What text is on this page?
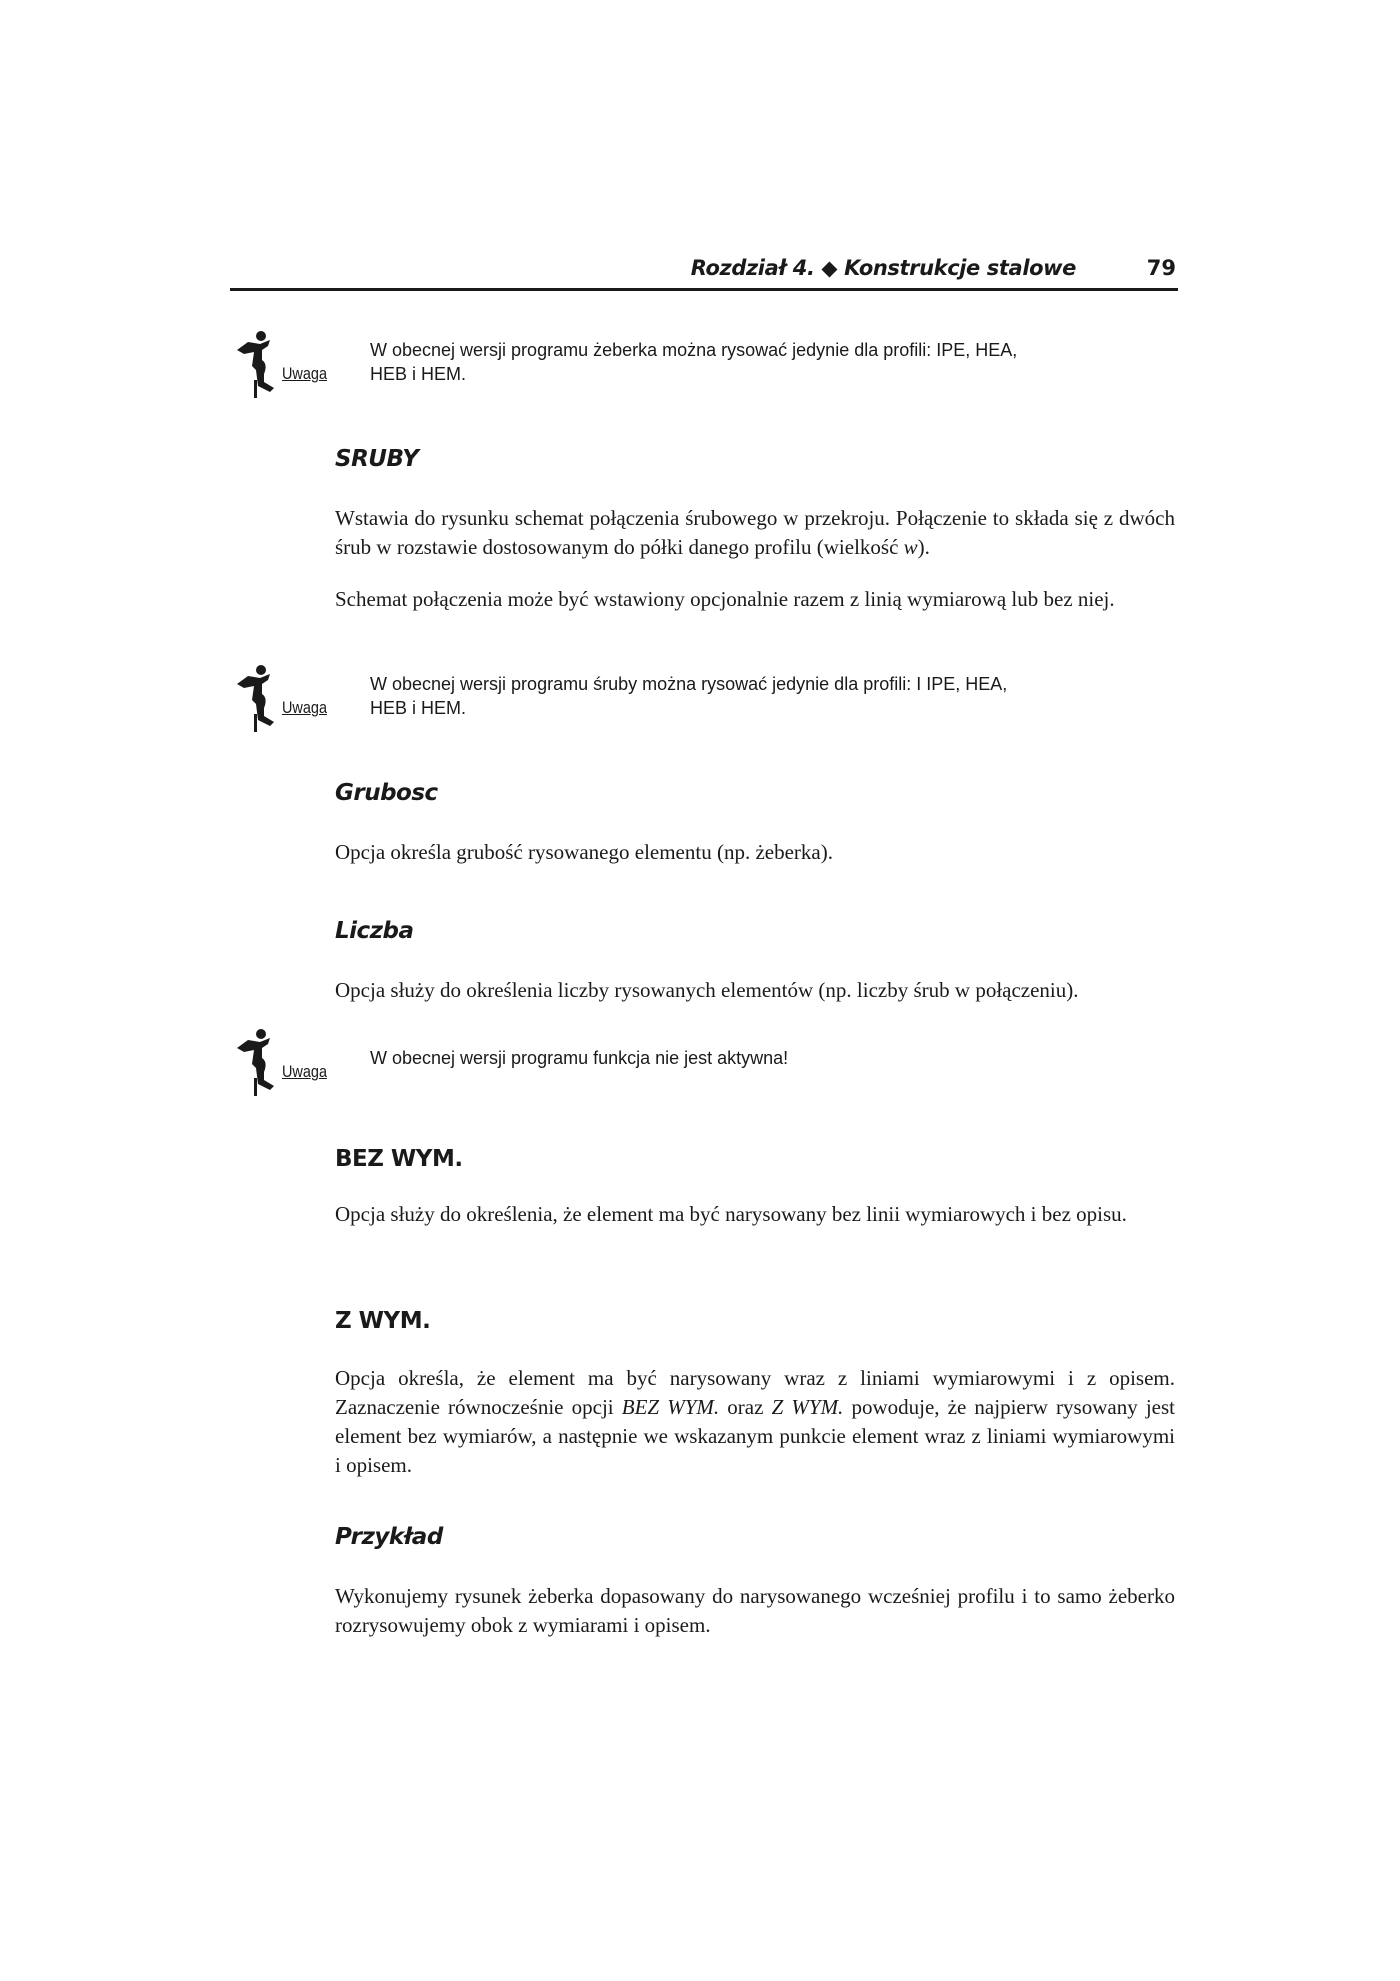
Rozdział 4. ◆ Konstrukcje stalowe	79
Uwaga
W obecnej wersji programu żeberka można rysować jedynie dla profili: IPE, HEA,
HEB i HEM.
SRUBY
Wstawia do rysunku schemat połączenia śrubowego w przekroju. Połączenie to składa się z dwóch śrub w rozstawie dostosowanym do półki danego profilu (wielkość w).
Schemat połączenia może być wstawiony opcjonalnie razem z linią wymiarową lub bez niej.
Uwaga
W obecnej wersji programu śruby można rysować jedynie dla profili: I IPE, HEA,
HEB i HEM.
Grubosc
Opcja określa grubość rysowanego elementu (np. żeberka).
Liczba
Opcja służy do określenia liczby rysowanych elementów (np. liczby śrub w połączeniu).
Uwaga
W obecnej wersji programu funkcja nie jest aktywna!
BEZ WYM.
Opcja służy do określenia, że element ma być narysowany bez linii wymiarowych i bez opisu.
Z WYM.
Opcja określa, że element ma być narysowany wraz z liniami wymiarowymi i z opisem. Zaznaczenie równocześnie opcji BEZ WYM. oraz Z WYM. powoduje, że najpierw rysowany jest element bez wymiarów, a następnie we wskazanym punkcie element wraz z liniami wymiarowymi i opisem.
Przykład
Wykonujemy rysunek żeberka dopasowany do narysowanego wcześniej profilu i to samo żeberko rozrysowujemy obok z wymiarami i opisem.
